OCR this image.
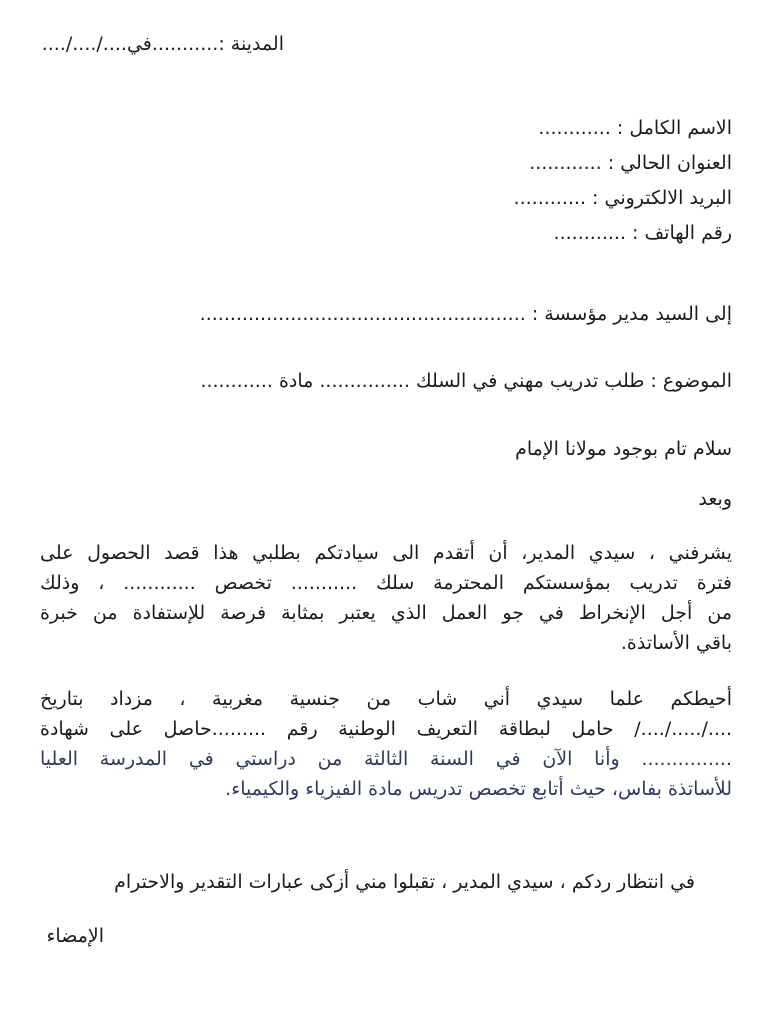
المدينة :...........في..../..../....
الاسم الكامل : ............
العنوان الحالي : ............
البريد الالكتروني : ............
رقم الهاتف : ............
إلى السيد مدير مؤسسة : ......................................................
الموضوع : طلب تدريب مهني في السلك ............... مادة ............
سلام تام بوجود مولانا الإمام
وبعد

يشرفني ، سيدي المدير، أن أتقدم الى سيادتكم بطلبي هذا قصد الحصول على

فترة تدريب بمؤسستكم المحترمة سلك ........... تخصص ............ ، وذلك

من أجل الإنخراط في جو العمل الذي يعتبر بمثابة فرصة للإستفادة من خبرة

باقي الأساتذة.

أحيطكم علما سيدي أني شاب من جنسية مغربية ، مزداد بتاريخ

..../...../..../ حامل لبطاقة التعريف الوطنية رقم .........حاصل على شهادة

............... وأنا الآن في السنة الثالثة من دراستي في المدرسة العليا

للأساتذة بفاس، حيث أتابع تخصص تدريس مادة الفيزياء والكيمياء.

في انتظار ردكم ، سيدي المدير ، تقبلوا مني أزكى عبارات التقدير والاحترام
الإمضاء
